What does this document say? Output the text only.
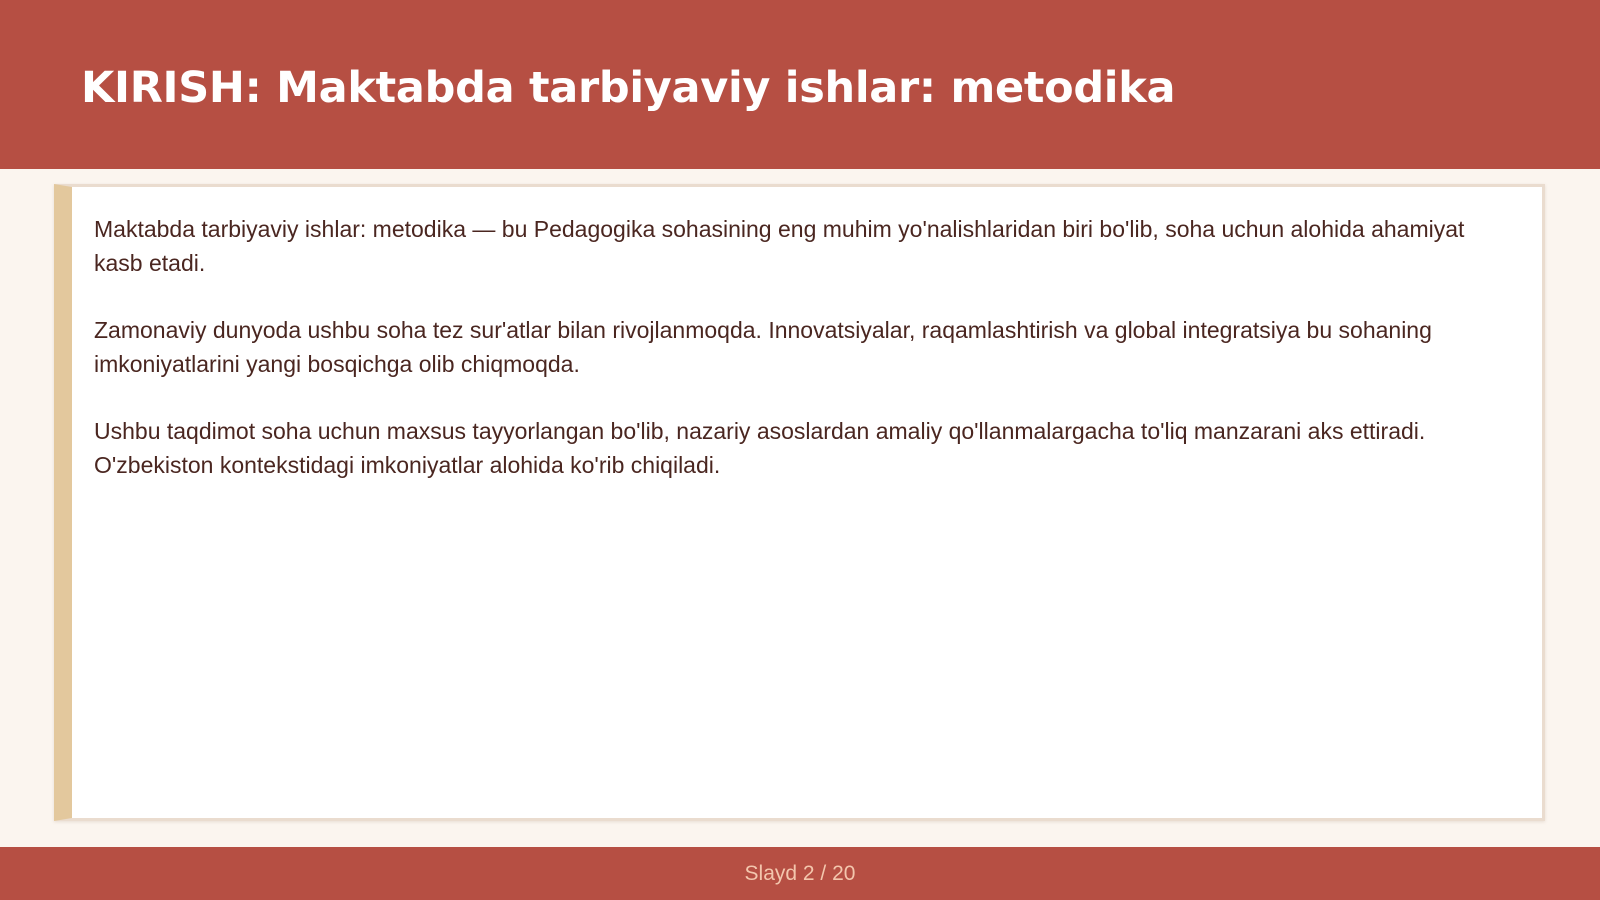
KIRISH: Maktabda tarbiyaviy ishlar: metodika

Maktabda tarbiyaviy ishlar: metodika — bu Pedagogika sohasining eng muhim yo'nalishlaridan biri bo'lib, soha uchun alohida ahamiyat kasb etadi.

Zamonaviy dunyoda ushbu soha tez sur'atlar bilan rivojlanmoqda. Innovatsiyalar, raqamlashtirish va global integratsiya bu sohaning imkoniyatlarini yangi bosqichga olib chiqmoqda.

Ushbu taqdimot soha uchun maxsus tayyorlangan bo'lib, nazariy asoslardan amaliy qo'llanmalargacha to'liq manzarani aks ettiradi. O'zbekiston kontekstidagi imkoniyatlar alohida ko'rib chiqiladi.

Slayd 2 / 20
